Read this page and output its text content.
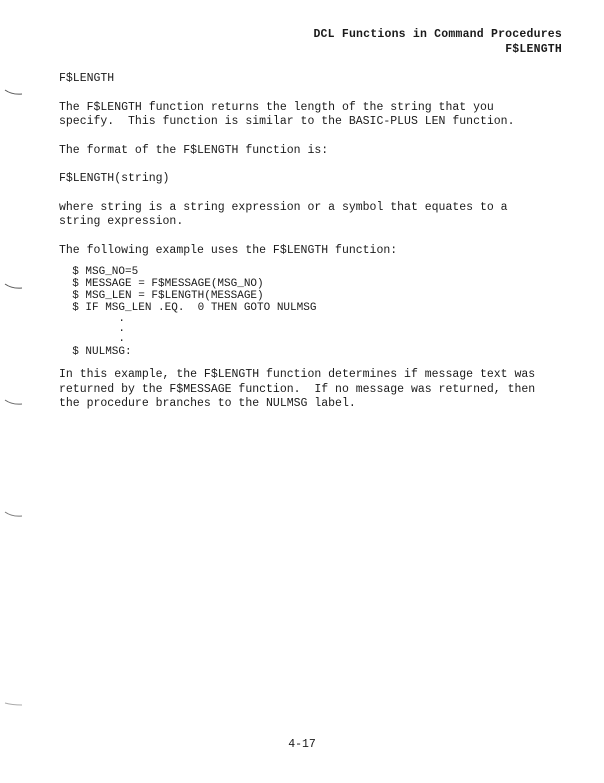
DCL Functions in Command Procedures
F$LENGTH

F$LENGTH

The F$LENGTH function returns the length of the string that you

specify.  This function is similar to the BASIC-PLUS LEN function.

The format of the F$LENGTH function is:

F$LENGTH(string)

where string is a string expression or a symbol that equates to a

string expression.

The following example uses the F$LENGTH function:

$ MSG_NO=5
$ MESSAGE = F$MESSAGE(MSG_NO)
$ MSG_LEN = F$LENGTH(MESSAGE)
$ IF MSG_LEN .EQ.  0 THEN GOTO NULMSG
.
.
.
$ NULMSG:

In this example, the F$LENGTH function determines if message text was

returned by the F$MESSAGE function.  If no message was returned, then

the procedure branches to the NULMSG label.

4-17
